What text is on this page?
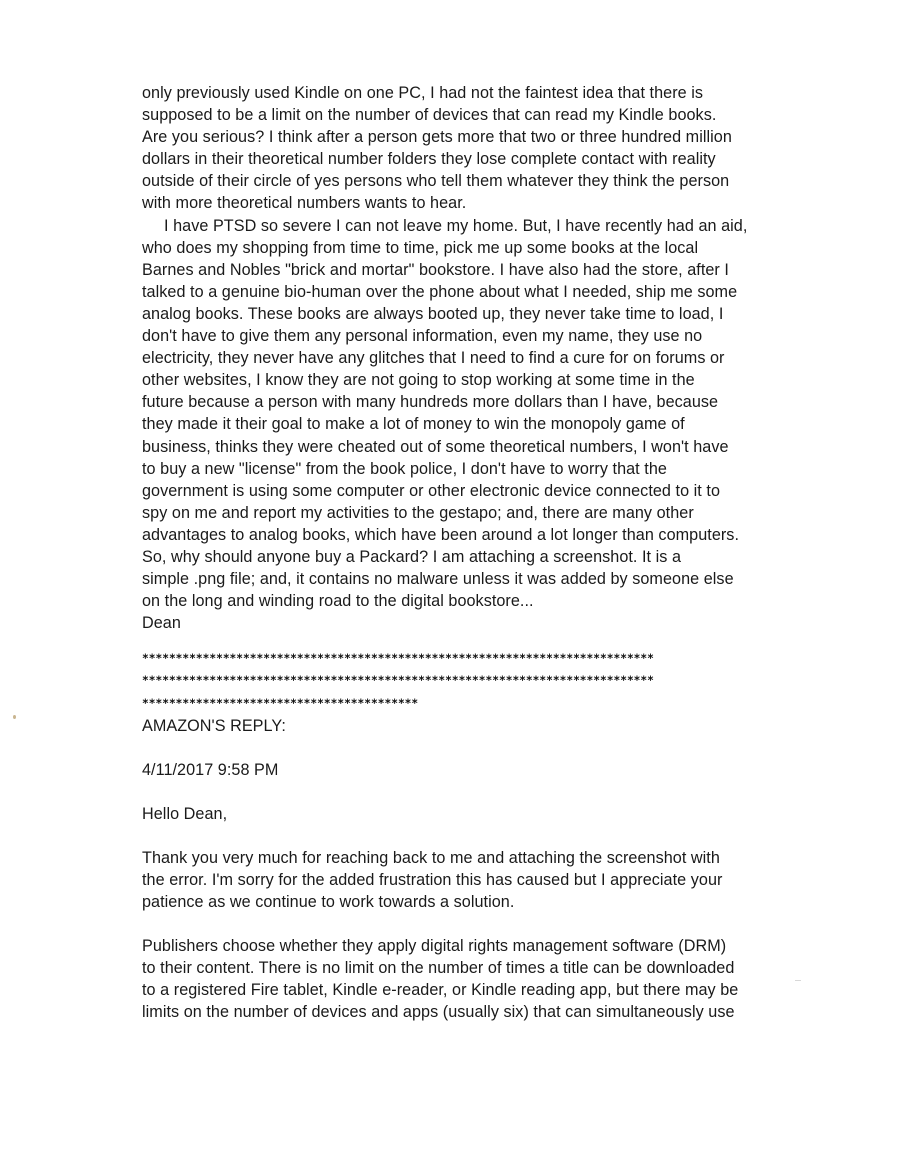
only previously used Kindle on one PC, I had not the faintest idea that there is
supposed to be a limit on the number of devices that can read my Kindle books.
Are you serious? I think after a person gets more that two or three hundred million
dollars in their theoretical number folders they lose complete contact with reality
outside of their circle of yes persons who tell them whatever they think the person
with more theoretical numbers wants to hear.
I have PTSD so severe I can not leave my home. But, I have recently had an aid,
who does my shopping from time to time, pick me up some books at the local
Barnes and Nobles "brick and mortar" bookstore. I have also had the store, after I
talked to a genuine bio-human over the phone about what I needed, ship me some
analog books. These books are always booted up, they never take time to load, I
don't have to give them any personal information, even my name, they use no
electricity, they never have any glitches that I need to find a cure for on forums or
other websites, I know they are not going to stop working at some time in the
future because a person with many hundreds more dollars than I have, because
they made it their goal to make a lot of money to win the monopoly game of
business, thinks they were cheated out of some theoretical numbers, I won't have
to buy a new "license" from the book police, I don't have to worry that the
government is using some computer or other electronic device connected to it to
spy on me and report my activities to the gestapo; and, there are many other
advantages to analog books, which have been around a lot longer than computers.
So, why should anyone buy a Packard? I am attaching a screenshot. It is a
simple .png file; and, it contains no malware unless it was added by someone else
on the long and winding road to the digital bookstore...
Dean
****************************************************************************
****************************************************************************
*****************************************
AMAZON'S REPLY:
4/11/2017 9:58 PM
Hello Dean,
Thank you very much for reaching back to me and attaching the screenshot with
the error. I'm sorry for the added frustration this has caused but I appreciate your
patience as we continue to work towards a solution.
Publishers choose whether they apply digital rights management software (DRM)
to their content. There is no limit on the number of times a title can be downloaded
to a registered Fire tablet, Kindle e-reader, or Kindle reading app, but there may be
limits on the number of devices and apps (usually six) that can simultaneously use
